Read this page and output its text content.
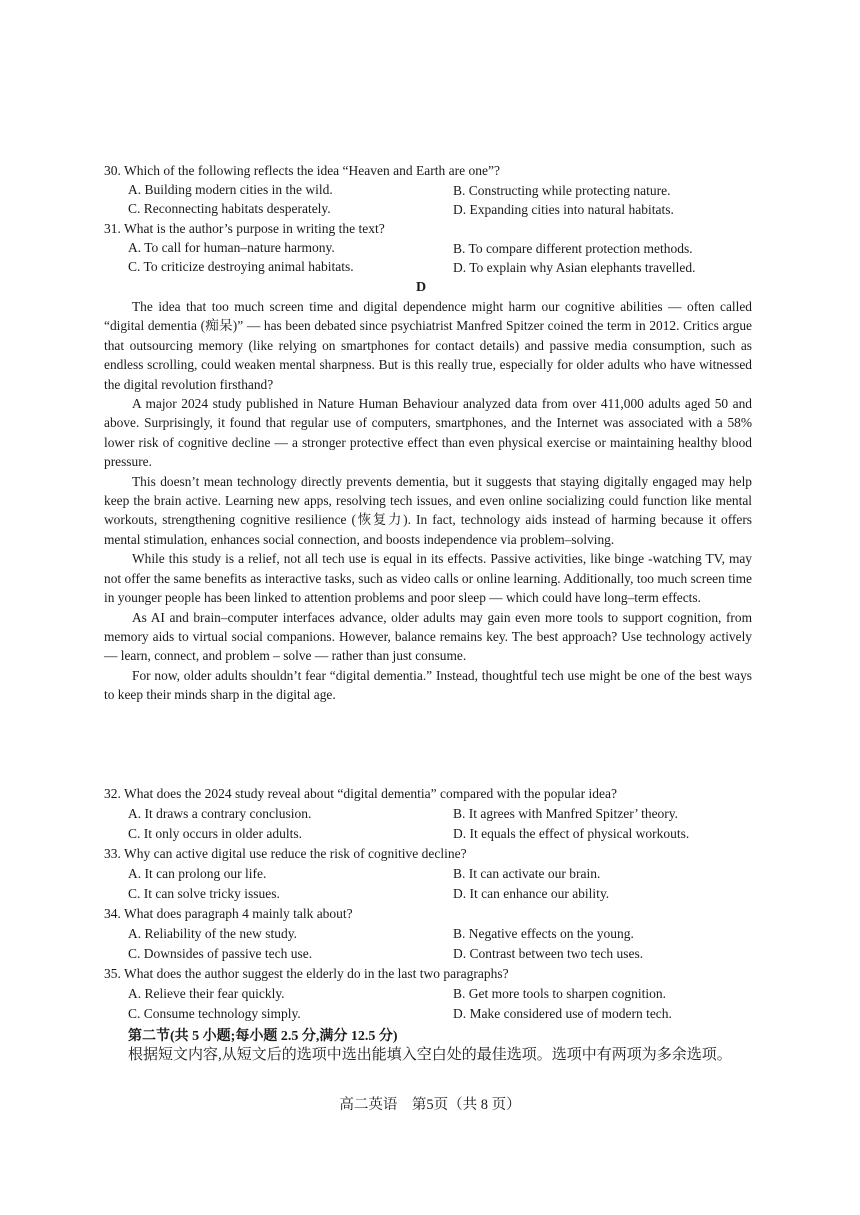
30. Which of the following reflects the idea “Heaven and Earth are one”?
A. Building modern cities in the wild.	B. Constructing while protecting nature.
C. Reconnecting habitats desperately.	D. Expanding cities into natural habitats.
31. What is the author’s purpose in writing the text?
A. To call for human–nature harmony.	B. To compare different protection methods.
C. To criticize destroying animal habitats.	D. To explain why Asian elephants travelled.
D

The idea that too much screen time and digital dependence might harm our cognitive abilities — often called “digital dementia (痴呆)” — has been debated since psychiatrist Manfred Spitzer coined the term in 2012. Critics argue that outsourcing memory (like relying on smartphones for contact details) and passive media consumption, such as endless scrolling, could weaken mental sharpness. But is this really true, especially for older adults who have witnessed the digital revolution firsthand?

A major 2024 study published in Nature Human Behaviour analyzed data from over 411,000 adults aged 50 and above. Surprisingly, it found that regular use of computers, smartphones, and the Internet was associated with a 58% lower risk of cognitive decline — a stronger protective effect than even physical exercise or maintaining healthy blood pressure.

This doesn’t mean technology directly prevents dementia, but it suggests that staying digitally engaged may help keep the brain active. Learning new apps, resolving tech issues, and even online socializing could function like mental workouts, strengthening cognitive resilience (恢复力). In fact, technology aids instead of harming because it offers mental stimulation, enhances social connection, and boosts independence via problem–solving.

While this study is a relief, not all tech use is equal in its effects. Passive activities, like binge -watching TV, may not offer the same benefits as interactive tasks, such as video calls or online learning. Additionally, too much screen time in younger people has been linked to attention problems and poor sleep — which could have long–term effects.

As AI and brain–computer interfaces advance, older adults may gain even more tools to support cognition, from memory aids to virtual social companions. However, balance remains key. The best approach? Use technology actively — learn, connect, and problem – solve — rather than just consume.

For now, older adults shouldn’t fear “digital dementia.” Instead, thoughtful tech use might be one of the best ways to keep their minds sharp in the digital age.

32. What does the 2024 study reveal about “digital dementia” compared with the popular idea?
A. It draws a contrary conclusion.	B. It agrees with Manfred Spitzer’ theory.
C. It only occurs in older adults.	D. It equals the effect of physical workouts.
33. Why can active digital use reduce the risk of cognitive decline?
A. It can prolong our life.	B. It can activate our brain.
C. It can solve tricky issues.	D. It can enhance our ability.
34. What does paragraph 4 mainly talk about?
A. Reliability of the new study.	B. Negative effects on the young.
C. Downsides of passive tech use.	D. Contrast between two tech uses.
35. What does the author suggest the elderly do in the last two paragraphs?
A. Relieve their fear quickly.	B. Get more tools to sharpen cognition.
C. Consume technology simply.	D. Make considered use of modern tech.
第二节(共 5 小题;每小题 2.5 分,满分 12.5 分)
根据短文内容,从短文后的选项中选出能填入空白处的最佳选项。选项中有两项为多余选项。
高二英语　第5页（共 8 页）
